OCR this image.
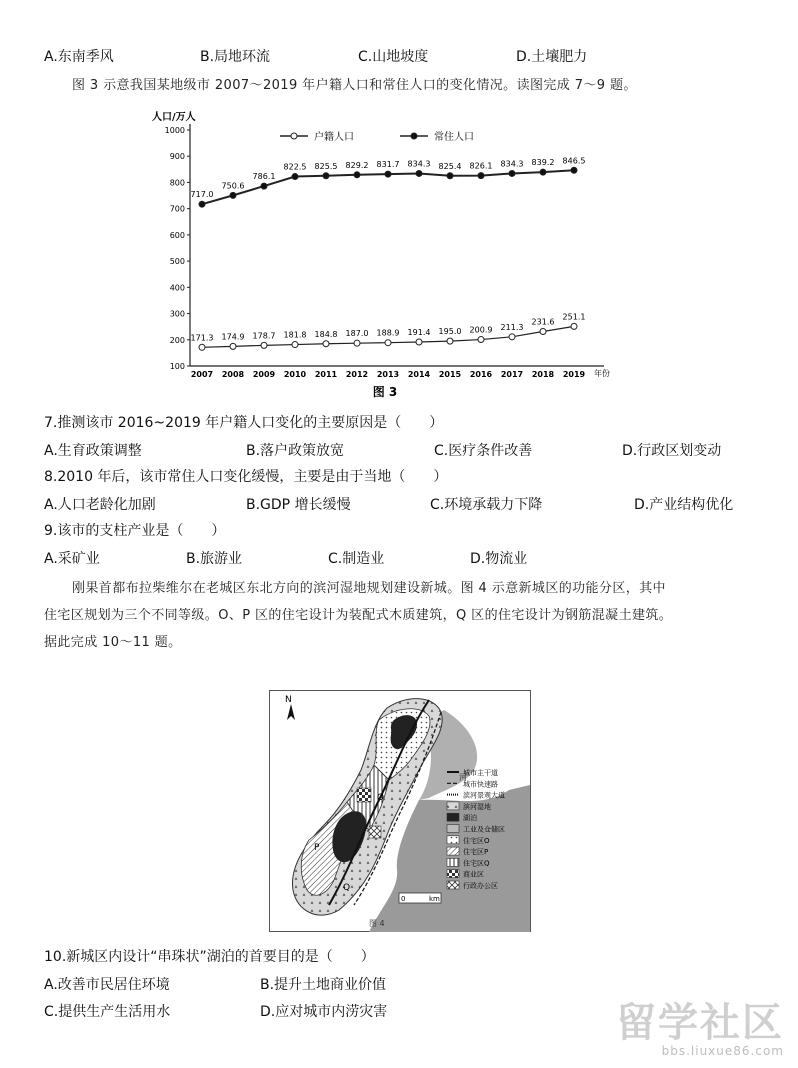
A.东南季风	B.局地环流	C.山地坡度	D.土壤肥力
图 3 示意我国某地级市 2007～2019 年户籍人口和常住人口的变化情况。读图完成 7～9 题。
100
200
300
400
500
600
700
800
900
1000
人口/万人
2007 2008 2009 2010 2011 2012 2013 2014 2015 2016 2017 2018 2019 年份
图 3
171.3 174.9 178.7 181.8 184.8 187.0 188.9 191.4 195.0 200.9 211.3
231.6
251.1
717.0
750.6
786.1
822.5 825.5 829.2 831.7 834.3 825.4 826.1 834.3 839.2 846.5
户籍人口	常住人口
7.推测该市 2016~2019 年户籍人口变化的主要原因是（　　）
A.生育政策调整	B.落户政策放宽	C.医疗条件改善	D.行政区划变动
8.2010 年后，该市常住人口变化缓慢，主要是由于当地（　　）
A.人口老龄化加剧	B.GDP 增长缓慢	C.环境承载力下降	D.产业结构优化
9.该市的支柱产业是（　　）
A.采矿业	B.旅游业	C.制造业	D.物流业
刚果首都布拉柴维尔在老城区东北方向的滨河湿地规划建设新城。图 4 示意新城区的功能分区，其中
住宅区规划为三个不同等级。O、P 区的住宅设计为装配式木质建筑，Q 区的住宅设计为钢筋混凝土建筑。
据此完成 10～11 题。
N
P
Q
O
河
城市主干道
城市快速路
滨河景观大道
滨河湿地
湖泊
工业及仓储区
住宅区O
住宅区P
住宅区Q
商业区
行政办公区
0	km
图 4
10.新城区内设计“串珠状”湖泊的首要目的是（　　）
A.改善市民居住环境	B.提升土地商业价值
C.提供生产生活用水	D.应对城市内涝灾害	留学社区
bbs.liuxue86.com
